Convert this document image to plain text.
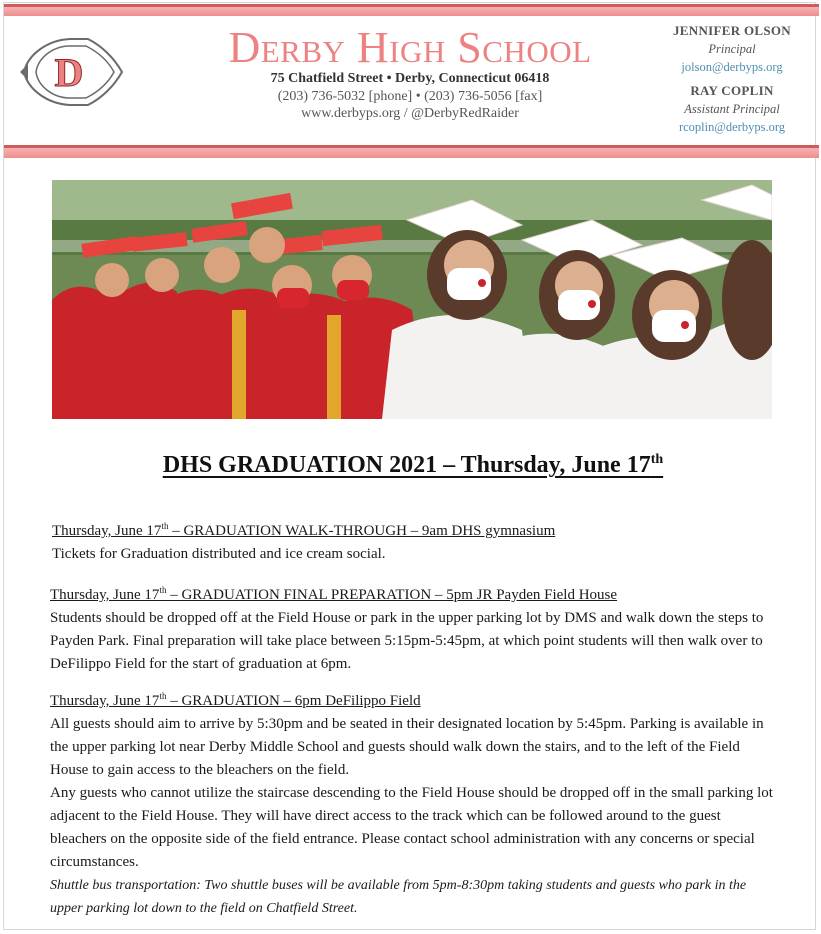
D
Derby High School
75 Chatfield Street • Derby, Connecticut 06418
(203) 736-5032 [phone] • (203) 736-5056 [fax]
www.derbyps.org / @DerbyRedRaider
JENNIFER OLSON
Principal
jolson@derbyps.org
RAY COPLIN
Assistant Principal
rcoplin@derbyps.org
DHS GRADUATION 2021 – Thursday, June 17th

Thursday, June 17th – GRADUATION WALK-THROUGH – 9am DHS gymnasium

Tickets for Graduation distributed and ice cream social.

Thursday, June 17th – GRADUATION FINAL PREPARATION – 5pm JR Payden Field House

Students should be dropped off at the Field House or park in the upper parking lot by DMS and walk down the steps to Payden Park. Final preparation will take place between 5:15pm-5:45pm, at which point students will then walk over to DeFilippo Field for the start of graduation at 6pm.

Thursday, June 17th – GRADUATION – 6pm DeFilippo Field

All guests should aim to arrive by 5:30pm and be seated in their designated location by 5:45pm. Parking is available in the upper parking lot near Derby Middle School and guests should walk down the stairs, and to the left of the Field House to gain access to the bleachers on the field.

Any guests who cannot utilize the staircase descending to the Field House should be dropped off in the small parking lot adjacent to the Field House. They will have direct access to the track which can be followed around to the guest bleachers on the opposite side of the field entrance. Please contact school administration with any concerns or special circumstances.

Shuttle bus transportation: Two shuttle buses will be available from 5pm-8:30pm taking students and guests who park in the upper parking lot down to the field on Chatfield Street.
